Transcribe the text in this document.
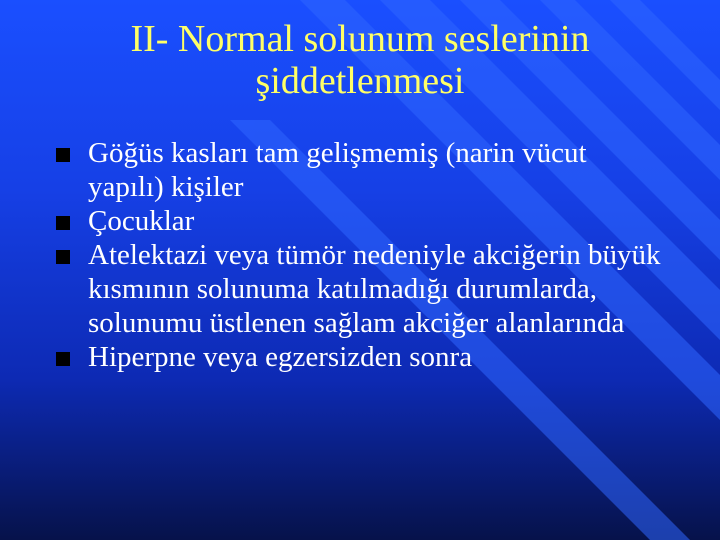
II- Normal solunum seslerinin
şiddetlenmesi
Göğüs kasları tam gelişmemiş (narin vücut yapılı) kişiler
Çocuklar
Atelektazi veya tümör nedeniyle akciğerin büyük kısmının solunuma katılmadığı durumlarda, solunumu üstlenen sağlam akciğer alanlarında
Hiperpne veya egzersizden sonra
